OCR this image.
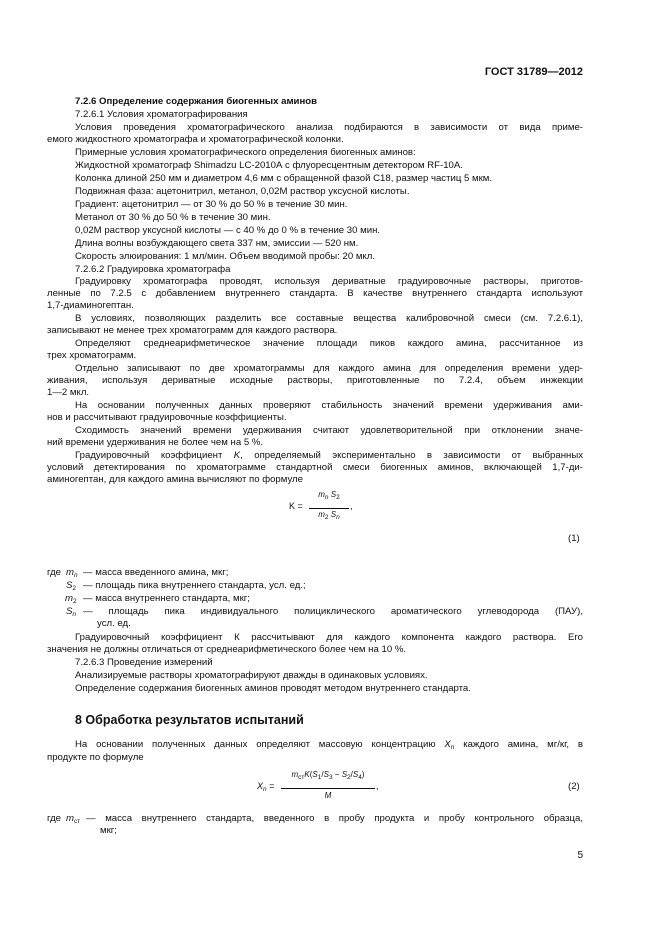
ГОСТ 31789—2012
7.2.6 Определение содержания биогенных аминов
7.2.6.1 Условия хроматографирования
Условия проведения хроматографического анализа подбираются в зависимости от вида приме-
емого жидкостного хроматографа и хроматографической колонки.
Примерные условия хроматографического определения биогенных аминов:
Жидкостной хроматограф Shimadzu LC-2010А с флуоресцентным детектором RF-10А.
Колонка длиной 250 мм и диаметром 4,6 мм с обращенной фазой С18, размер частиц 5 мкм.
Подвижная фаза: ацетонитрил, метанол, 0,02М раствор уксусной кислоты.
Градиент: ацетонитрил — от 30 % до 50 % в течение 30 мин.
Метанол от 30 % до 50 % в течение 30 мин.
0,02М раствор уксусной кислоты — с 40 % до 0 % в течение 30 мин.
Длина волны возбуждающего света 337 нм, эмиссии — 520 нм.
Скорость элюирования: 1 мл/мин. Объем вводимой пробы: 20 мкл.
7.2.6.2 Градуировка хроматографа
Градуировку хроматографа проводят, используя дериватные градуировочные растворы, приготов-
ленные по 7.2.5 с добавлением внутреннего стандарта. В качестве внутреннего стандарта используют
1,7-диаминогептан.
В условиях, позволяющих разделить все составные вещества калибровочной смеси (см. 7.2.6.1),
записывают не менее трех хроматограмм для каждого раствора.
Определяют среднеарифметическое значение площади пиков каждого амина, рассчитанное из
трех хроматограмм.
Отдельно записывают по две хроматограммы для каждого амина для определения времени удер-
живания, используя дериватные исходные растворы, приготовленные по 7.2.4, объем инжекции
1—2 мкл.
На основании полученных данных проверяют стабильность значений времени удерживания ами-
нов и рассчитывают градуировочные коэффициенты.
Сходимость значений времени удерживания считают удовлетворительной при отклонении значе-
ний времени удерживания не более чем на 5 %.
Градуировочный коэффициент K, определяемый экспериментально в зависимости от выбранных
условий детектирования по хроматограмме стандартной смеси биогенных аминов, включающей 1,7-ди-
аминогептан, для каждого амина вычисляют по формуле
K =
$m_n$ $S_2$
$m_2$ $S_n$
,
(1)
где $m_n$ — масса введенного амина, мкг;
$S_2$ — площадь пика внутреннего стандарта, усл. ед.;
$m_2$ — масса внутреннего стандарта, мкг;
$S_n$ — площадь пика индивидуального полициклического ароматического углеводорода (ПАУ),
усл. ед.
Градуировочный коэффициент К рассчитывают для каждого компонента каждого раствора. Его
значения не должны отличаться от среднеарифметического более чем на 10 %.
7.2.6.3 Проведение измерений
Анализируемые растворы хроматографируют дважды в одинаковых условиях.
Определение содержания биогенных аминов проводят методом внутреннего стандарта.
8 Обработка результатов испытаний
На основании полученных данных определяют массовую концентрацию $X_n$ каждого амина, мг/кг, в
продукте по формуле
$X_n$ =
$m_{ст}K(S_1/S_3 - S_2/S_4)$
M
,	(2)
где $m_{ст}$ — масса внутреннего стандарта, введенного в пробу продукта и пробу контрольного образца,
мкг;
5
